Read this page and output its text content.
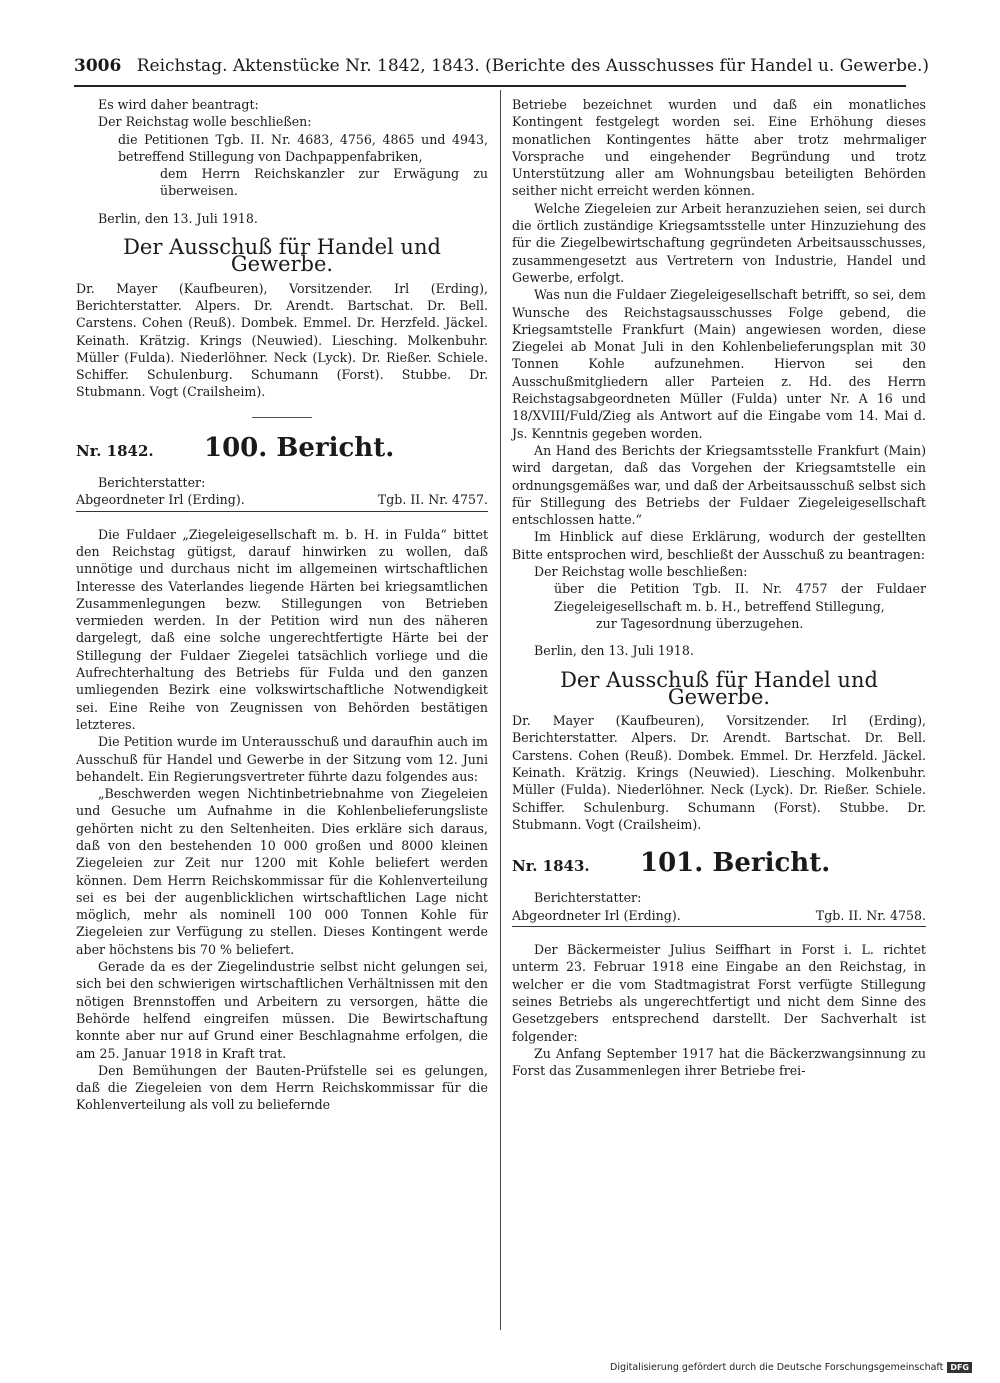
3006 Reichstag. Aktenstücke Nr. 1842, 1843. (Berichte des Ausschusses für Handel u. Gewerbe.)

Es wird daher beantragt:

Der Reichstag wolle beschließen:

die Petitionen Tgb. II. Nr. 4683, 4756, 4865 und 4943, betreffend Stillegung von Dachpappenfabriken,

dem Herrn Reichskanzler zur Erwägung zu überweisen.

Berlin, den 13. Juli 1918.

Der Ausschuß für Handel und Gewerbe.

Dr. Mayer (Kaufbeuren), Vorsitzender. Irl (Erding), Berichterstatter. Alpers. Dr. Arendt. Bartschat. Dr. Bell. Carstens. Cohen (Reuß). Dombek. Emmel. Dr. Herzfeld. Jäckel. Keinath. Krätzig. Krings (Neuwied). Liesching. Molkenbuhr. Müller (Fulda). Niederlöhner. Neck (Lyck). Dr. Rießer. Schiele. Schiffer. Schulenburg. Schumann (Forst). Stubbe. Dr. Stubmann. Vogt (Crailsheim).

Nr. 1842.	100. Bericht.

Berichterstatter:

Abgeordneter Irl (Erding).	Tgb. II. Nr. 4757.

Die Fuldaer „Ziegeleigesellschaft m. b. H. in Fulda“ bittet den Reichstag gütigst, darauf hinwirken zu wollen, daß unnötige und durchaus nicht im allgemeinen wirtschaftlichen Interesse des Vaterlandes liegende Härten bei kriegsamtlichen Zusammenlegungen bezw. Stillegungen von Betrieben vermieden werden. In der Petition wird nun des näheren dargelegt, daß eine solche ungerechtfertigte Härte bei der Stillegung der Fuldaer Ziegelei tatsächlich vorliege und die Aufrechterhaltung des Betriebs für Fulda und den ganzen umliegenden Bezirk eine volkswirtschaftliche Notwendigkeit sei. Eine Reihe von Zeugnissen von Behörden bestätigen letzteres.

Die Petition wurde im Unterausschuß und daraufhin auch im Ausschuß für Handel und Gewerbe in der Sitzung vom 12. Juni behandelt. Ein Regierungsvertreter führte dazu folgendes aus:

„Beschwerden wegen Nichtinbetriebnahme von Ziegeleien und Gesuche um Aufnahme in die Kohlenbelieferungsliste gehörten nicht zu den Seltenheiten. Dies erkläre sich daraus, daß von den bestehenden 10 000 großen und 8000 kleinen Ziegeleien zur Zeit nur 1200 mit Kohle beliefert werden können. Dem Herrn Reichskommissar für die Kohlenverteilung sei es bei der augenblicklichen wirtschaftlichen Lage nicht möglich, mehr als nominell 100 000 Tonnen Kohle für Ziegeleien zur Verfügung zu stellen. Dieses Kontingent werde aber höchstens bis 70 % beliefert.

Gerade da es der Ziegelindustrie selbst nicht gelungen sei, sich bei den schwierigen wirtschaftlichen Verhältnissen mit den nötigen Brennstoffen und Arbeitern zu versorgen, hätte die Behörde helfend eingreifen müssen. Die Bewirtschaftung konnte aber nur auf Grund einer Beschlagnahme erfolgen, die am 25. Januar 1918 in Kraft trat.

Den Bemühungen der Bauten-Prüfstelle sei es gelungen, daß die Ziegeleien von dem Herrn Reichskommissar für die Kohlenverteilung als voll zu beliefernde

Betriebe bezeichnet wurden und daß ein monatliches Kontingent festgelegt worden sei. Eine Erhöhung dieses monatlichen Kontingentes hätte aber trotz mehrmaliger Vorsprache und eingehender Begründung und trotz Unterstützung aller am Wohnungsbau beteiligten Behörden seither nicht erreicht werden können.

Welche Ziegeleien zur Arbeit heranzuziehen seien, sei durch die örtlich zuständige Kriegsamtsstelle unter Hinzuziehung des für die Ziegelbewirtschaftung gegründeten Arbeitsausschusses, zusammengesetzt aus Vertretern von Industrie, Handel und Gewerbe, erfolgt.

Was nun die Fuldaer Ziegeleigesellschaft betrifft, so sei, dem Wunsche des Reichstagsausschusses Folge gebend, die Kriegsamtstelle Frankfurt (Main) angewiesen worden, diese Ziegelei ab Monat Juli in den Kohlenbelieferungsplan mit 30 Tonnen Kohle aufzunehmen. Hiervon sei den Ausschußmitgliedern aller Parteien z. Hd. des Herrn Reichstagsabgeordneten Müller (Fulda) unter Nr. A 16 und 18/XVIII/Fuld/Zieg als Antwort auf die Eingabe vom 14. Mai d. Js. Kenntnis gegeben worden.

An Hand des Berichts der Kriegsamtsstelle Frankfurt (Main) wird dargetan, daß das Vorgehen der Kriegsamtstelle ein ordnungsgemäßes war, und daß der Arbeitsausschuß selbst sich für Stillegung des Betriebs der Fuldaer Ziegeleigesellschaft entschlossen hatte.“

Im Hinblick auf diese Erklärung, wodurch der gestellten Bitte entsprochen wird, beschließt der Ausschuß zu beantragen:

Der Reichstag wolle beschließen:

über die Petition Tgb. II. Nr. 4757 der Fuldaer Ziegeleigesellschaft m. b. H., betreffend Stillegung,

zur Tagesordnung überzugehen.

Berlin, den 13. Juli 1918.

Der Ausschuß für Handel und Gewerbe.

Dr. Mayer (Kaufbeuren), Vorsitzender. Irl (Erding), Berichterstatter. Alpers. Dr. Arendt. Bartschat. Dr. Bell. Carstens. Cohen (Reuß). Dombek. Emmel. Dr. Herzfeld. Jäckel. Keinath. Krätzig. Krings (Neuwied). Liesching. Molkenbuhr. Müller (Fulda). Niederlöhner. Neck (Lyck). Dr. Rießer. Schiele. Schiffer. Schulenburg. Schumann (Forst). Stubbe. Dr. Stubmann. Vogt (Crailsheim).

Nr. 1843.	101. Bericht.

Berichterstatter:

Abgeordneter Irl (Erding).	Tgb. II. Nr. 4758.

Der Bäckermeister Julius Seiffhart in Forst i. L. richtet unterm 23. Februar 1918 eine Eingabe an den Reichstag, in welcher er die vom Stadtmagistrat Forst verfügte Stillegung seines Betriebs als ungerechtfertigt und nicht dem Sinne des Gesetzgebers entsprechend darstellt. Der Sachverhalt ist folgender:

Zu Anfang September 1917 hat die Bäckerzwangsinnung zu Forst das Zusammenlegen ihrer Betriebe frei-

Digitalisierung gefördert durch die Deutsche Forschungsgemeinschaft DFG
